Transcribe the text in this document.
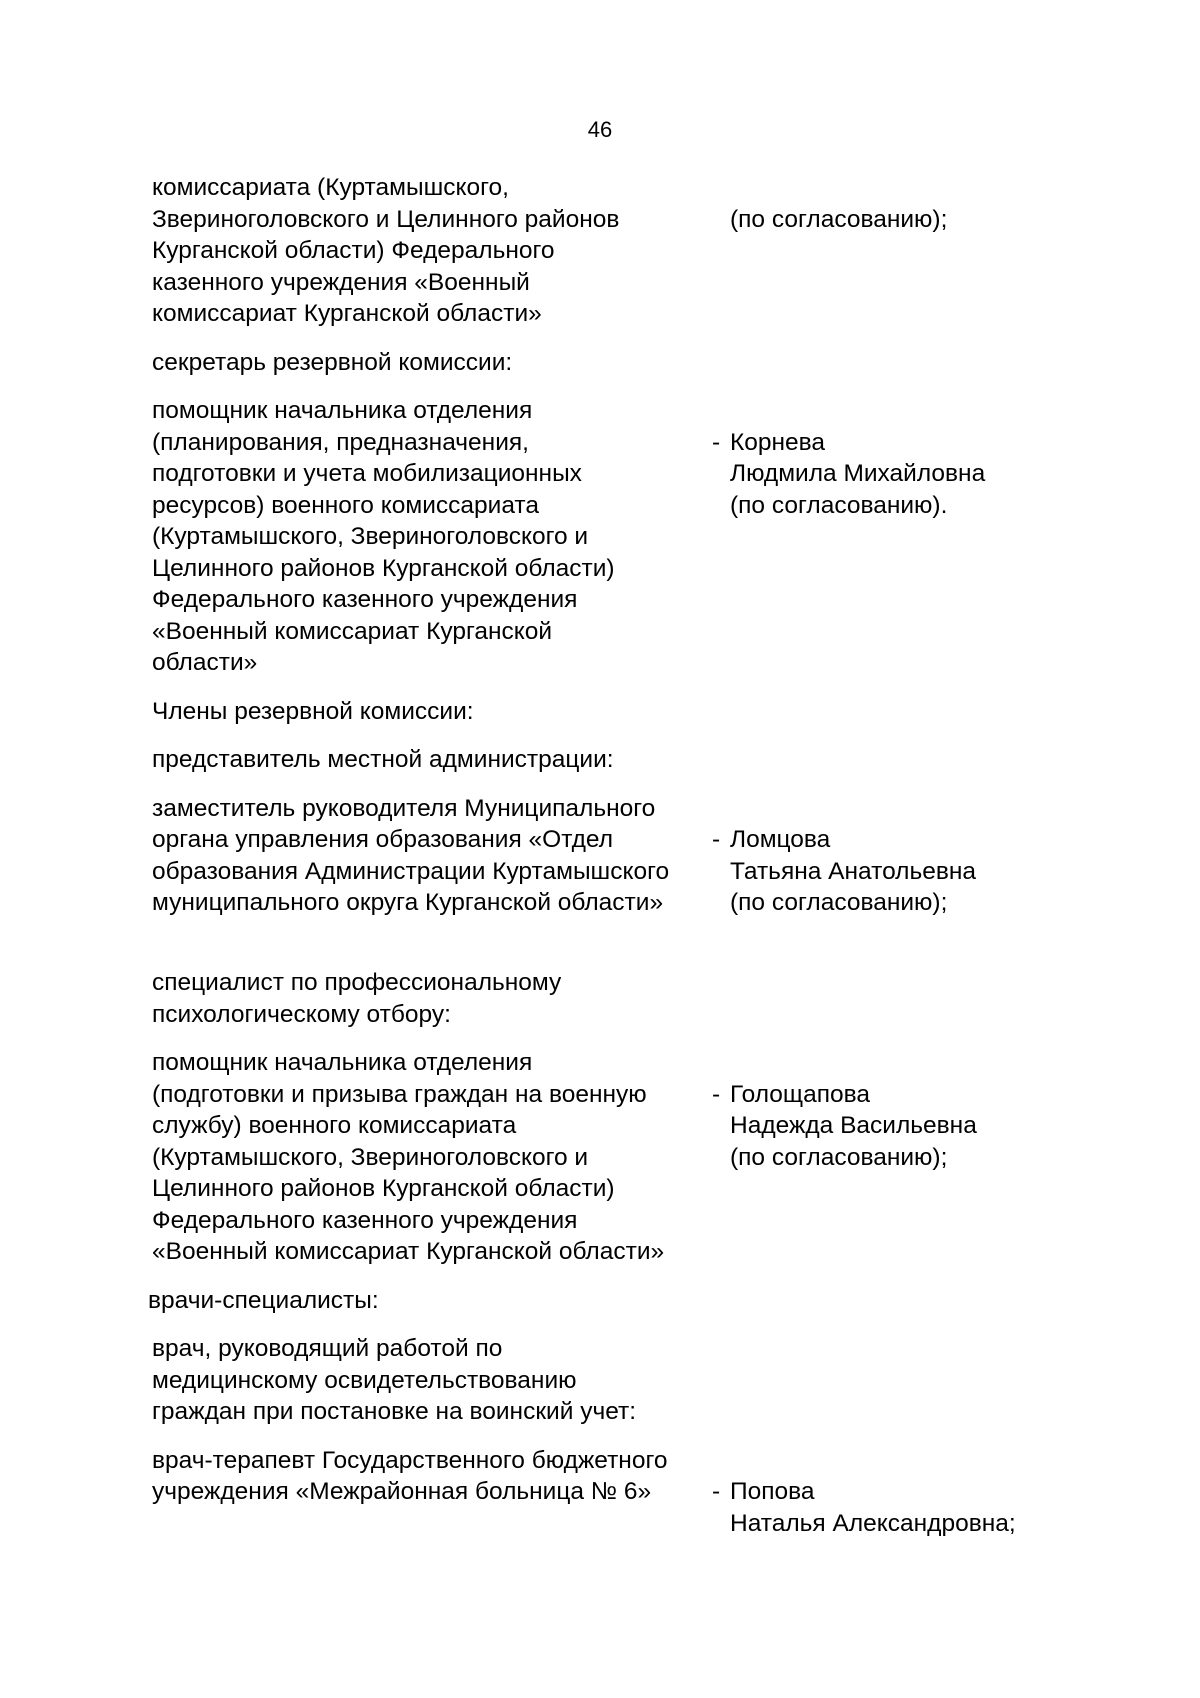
46
комиссариата (Куртамышского,
Звериноголовского и Целинного районов
Курганской области) Федерального
казенного учреждения «Военный
комиссариат Курганской области»

(по согласованию);

секретарь резервной комиссии:
помощник начальника отделения
(планирования, предназначения,
подготовки и учета мобилизационных
ресурсов) военного комиссариата
(Куртамышского, Звериноголовского и
Целинного районов Курганской области)
Федерального казенного учреждения
«Военный комиссариат Курганской
области»

- Корнева
Людмила Михайловна
(по согласованию).

Члены резервной комиссии:
представитель местной администрации:
заместитель руководителя Муниципального
органа управления образования «Отдел
образования Администрации Куртамышского
муниципального округа Курганской области»

- Ломцова
Татьяна Анатольевна
(по согласованию);

специалист по профессиональному
психологическому отбору:
помощник начальника отделения
(подготовки и призыва граждан на военную
службу) военного комиссариата
(Куртамышского, Звериноголовского и
Целинного районов Курганской области)
Федерального казенного учреждения
«Военный комиссариат Курганской области»

- Голощапова
Надежда Васильевна
(по согласованию);

врачи-специалисты:
врач, руководящий работой по
медицинскому освидетельствованию
граждан при постановке на воинский учет:
врач-терапевт Государственного бюджетного
учреждения «Межрайонная больница № 6»	- Попова
Наталья Александровна;
